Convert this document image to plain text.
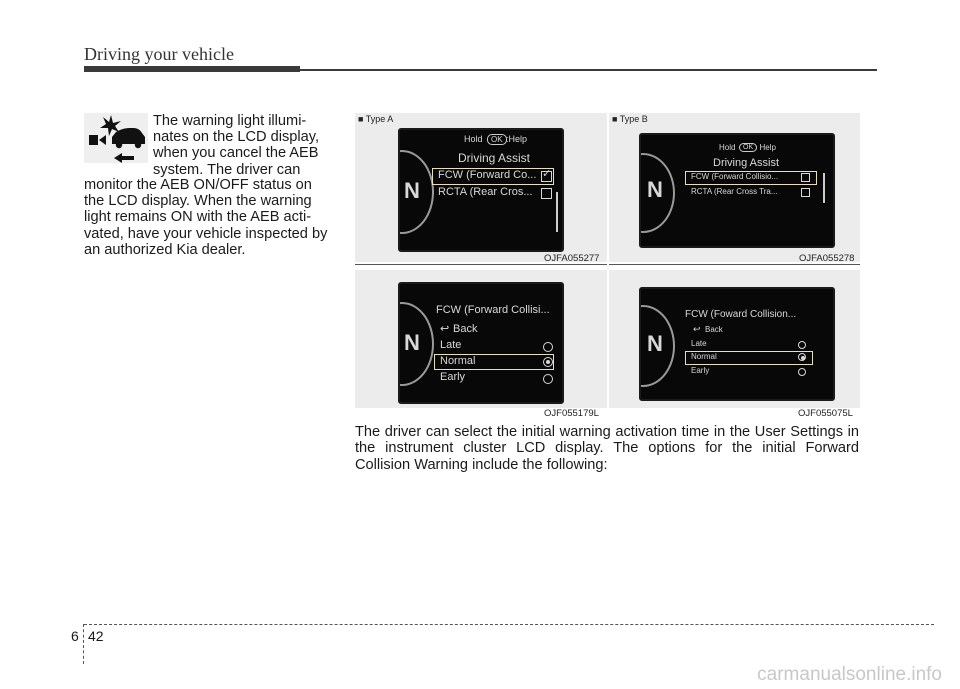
Driving your vehicle
The warning light illumi-nates on the LCD display, when you cancel the AEB system. The driver can
monitor the AEB ON/OFF status on the LCD display. When the warning light remains ON with the AEB acti-vated, have your vehicle inspected by an authorized Kia dealer.
■ Type A	■ Type B
N
Hold	OK :Help
Driving Assist
FCW (Forward Co... ✓
RCTA (Rear Cros...	N
Hold	OK : Help
Driving Assist
FCW (Forward Collisio...
RCTA (Rear Cross Tra...
OJFA055277	OJFA055278
N
FCW (Forward Collisi...
↩ Back
Late
Normal
Early
N
FCW (Foward Collision...
↩ Back
Late
Normal
Early
OJF055179L	OJF055075L
The driver can select the initial warning activation time in the User Settings in the instrument cluster LCD display. The options for the initial Forward Collision Warning include the following:
6 42
carmanualsonline.info
